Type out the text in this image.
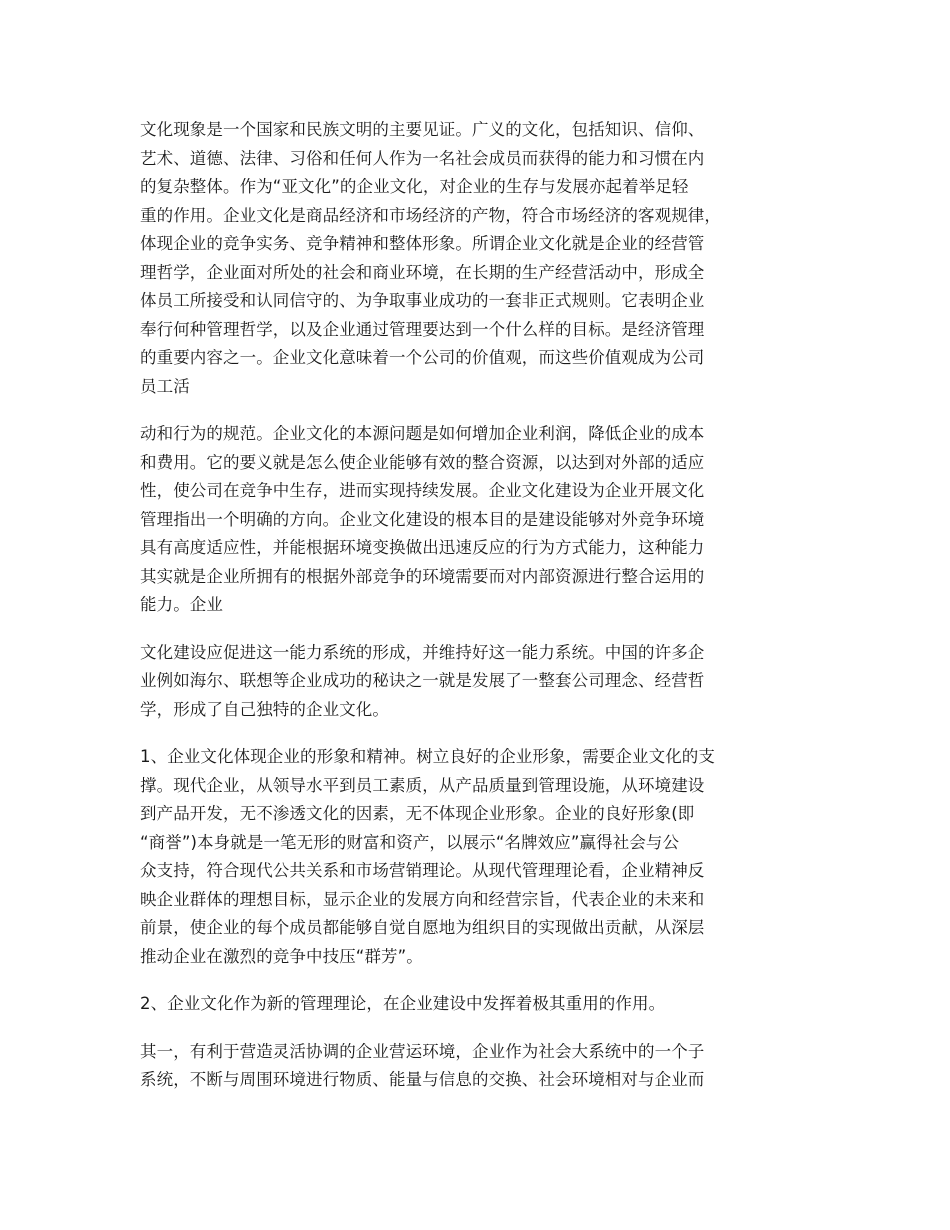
文化现象是一个国家和民族文明的主要见证。广义的文化，包括知识、信仰、
艺术、道德、法律、习俗和任何人作为一名社会成员而获得的能力和习惯在内
的复杂整体。作为“亚文化”的企业文化，对企业的生存与发展亦起着举足轻
重的作用。企业文化是商品经济和市场经济的产物，符合市场经济的客观规律，
体现企业的竞争实务、竞争精神和整体形象。所谓企业文化就是企业的经营管
理哲学，企业面对所处的社会和商业环境，在长期的生产经营活动中，形成全
体员工所接受和认同信守的、为争取事业成功的一套非正式规则。它表明企业
奉行何种管理哲学，以及企业通过管理要达到一个什么样的目标。是经济管理
的重要内容之一。企业文化意味着一个公司的价值观，而这些价值观成为公司
员工活

动和行为的规范。企业文化的本源问题是如何增加企业利润，降低企业的成本
和费用。它的要义就是怎么使企业能够有效的整合资源，以达到对外部的适应
性，使公司在竞争中生存，进而实现持续发展。企业文化建设为企业开展文化
管理指出一个明确的方向。企业文化建设的根本目的是建设能够对外竞争环境
具有高度适应性，并能根据环境变换做出迅速反应的行为方式能力，这种能力
其实就是企业所拥有的根据外部竞争的环境需要而对内部资源进行整合运用的
能力。企业

文化建设应促进这一能力系统的形成，并维持好这一能力系统。中国的许多企
业例如海尔、联想等企业成功的秘诀之一就是发展了一整套公司理念、经营哲
学，形成了自己独特的企业文化。

1、企业文化体现企业的形象和精神。树立良好的企业形象，需要企业文化的支
撑。现代企业，从领导水平到员工素质，从产品质量到管理设施，从环境建设
到产品开发，无不渗透文化的因素，无不体现企业形象。企业的良好形象(即
“商誉”)本身就是一笔无形的财富和资产，以展示“名牌效应”赢得社会与公
众支持，符合现代公共关系和市场营销理论。从现代管理理论看，企业精神反
映企业群体的理想目标，显示企业的发展方向和经营宗旨，代表企业的未来和
前景，使企业的每个成员都能够自觉自愿地为组织目的实现做出贡献，从深层
推动企业在激烈的竞争中技压“群芳”。

2、企业文化作为新的管理理论，在企业建设中发挥着极其重用的作用。

其一，有利于营造灵活协调的企业营运环境，企业作为社会大系统中的一个子
系统，不断与周围环境进行物质、能量与信息的交换、社会环境相对与企业而
